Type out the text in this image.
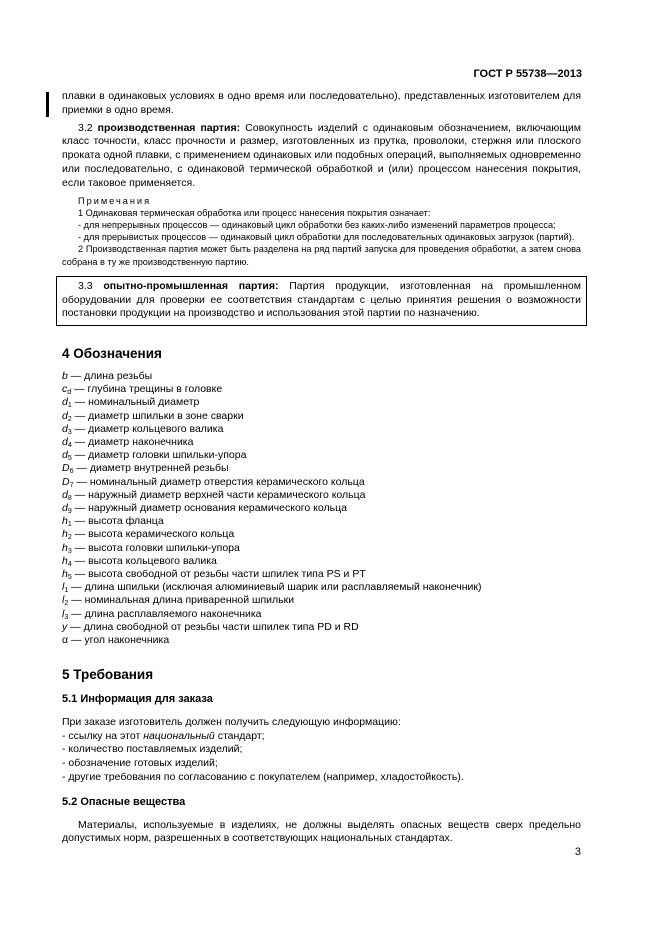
ГОСТ Р 55738—2013

плавки в одинаковых условиях в одно время или последовательно), представленных изготовителем для приемки в одно время.

3.2 производственная партия: Совокупность изделий с одинаковым обозначением, включающим класс точности, класс прочности и размер, изготовленных из прутка, проволоки, стержня или плоского проката одной плавки, с применением одинаковых или подобных операций, выполняемых одновременно или последовательно, с одинаковой термической обработкой и (или) процессом нанесения покрытия, если таковое применяется.

Примечания

1 Одинаковая термическая обработка или процесс нанесения покрытия означает:

- для непрерывных процессов — одинаковый цикл обработки без каких-либо изменений параметров процесса;

- для прерывистых процессов — одинаковый цикл обработки для последовательных одинаковых загрузок (партий).

2 Производственная партия может быть разделена на ряд партий запуска для проведения обработки, а затем снова собрана в ту же производственную партию.

3.3 опытно-промышленная партия: Партия продукции, изготовленная на промышленном оборудовании для проверки ее соответствия стандартам с целью принятия решения о возможности постановки продукции на производство и использования этой партии по назначению.

4 Обозначения
b — длина резьбы
$c_d$ — глубина трещины в головке
$d_1$ — номинальный диаметр
$d_2$ — диаметр шпильки в зоне сварки
$d_3$ — диаметр кольцевого валика
$d_4$ — диаметр наконечника
$d_5$ — диаметр головки шпильки-упора
$D_6$ — диаметр внутренней резьбы
$D_7$ — номинальный диаметр отверстия керамического кольца
$d_8$ — наружный диаметр верхней части керамического кольца
$d_9$ — наружный диаметр основания керамического кольца
$h_1$ — высота фланца
$h_2$ — высота керамического кольца
$h_3$ — высота головки шпильки-упора
$h_4$ — высота кольцевого валика
$h_5$ — высота свободной от резьбы части шпилек типа PS и PT
$l_1$ — длина шпильки (исключая алюминиевый шарик или расплавляемый наконечник)
$l_2$ — номинальная длина приваренной шпильки
$l_3$ — длина расплавляемого наконечника
y — длина свободной от резьбы части шпилек типа PD и RD
α — угол наконечника
5 Требования
5.1 Информация для заказа

При заказе изготовитель должен получить следующую информацию:

- ссылку на этот национальный стандарт;

- количество поставляемых изделий;

- обозначение готовых изделий;

- другие требования по согласованию с покупателем (например, хладостойкость).

5.2 Опасные вещества

Материалы, используемые в изделиях, не должны выделять опасных веществ сверх предельно допустимых норм, разрешенных в соответствующих национальных стандартах.

3
